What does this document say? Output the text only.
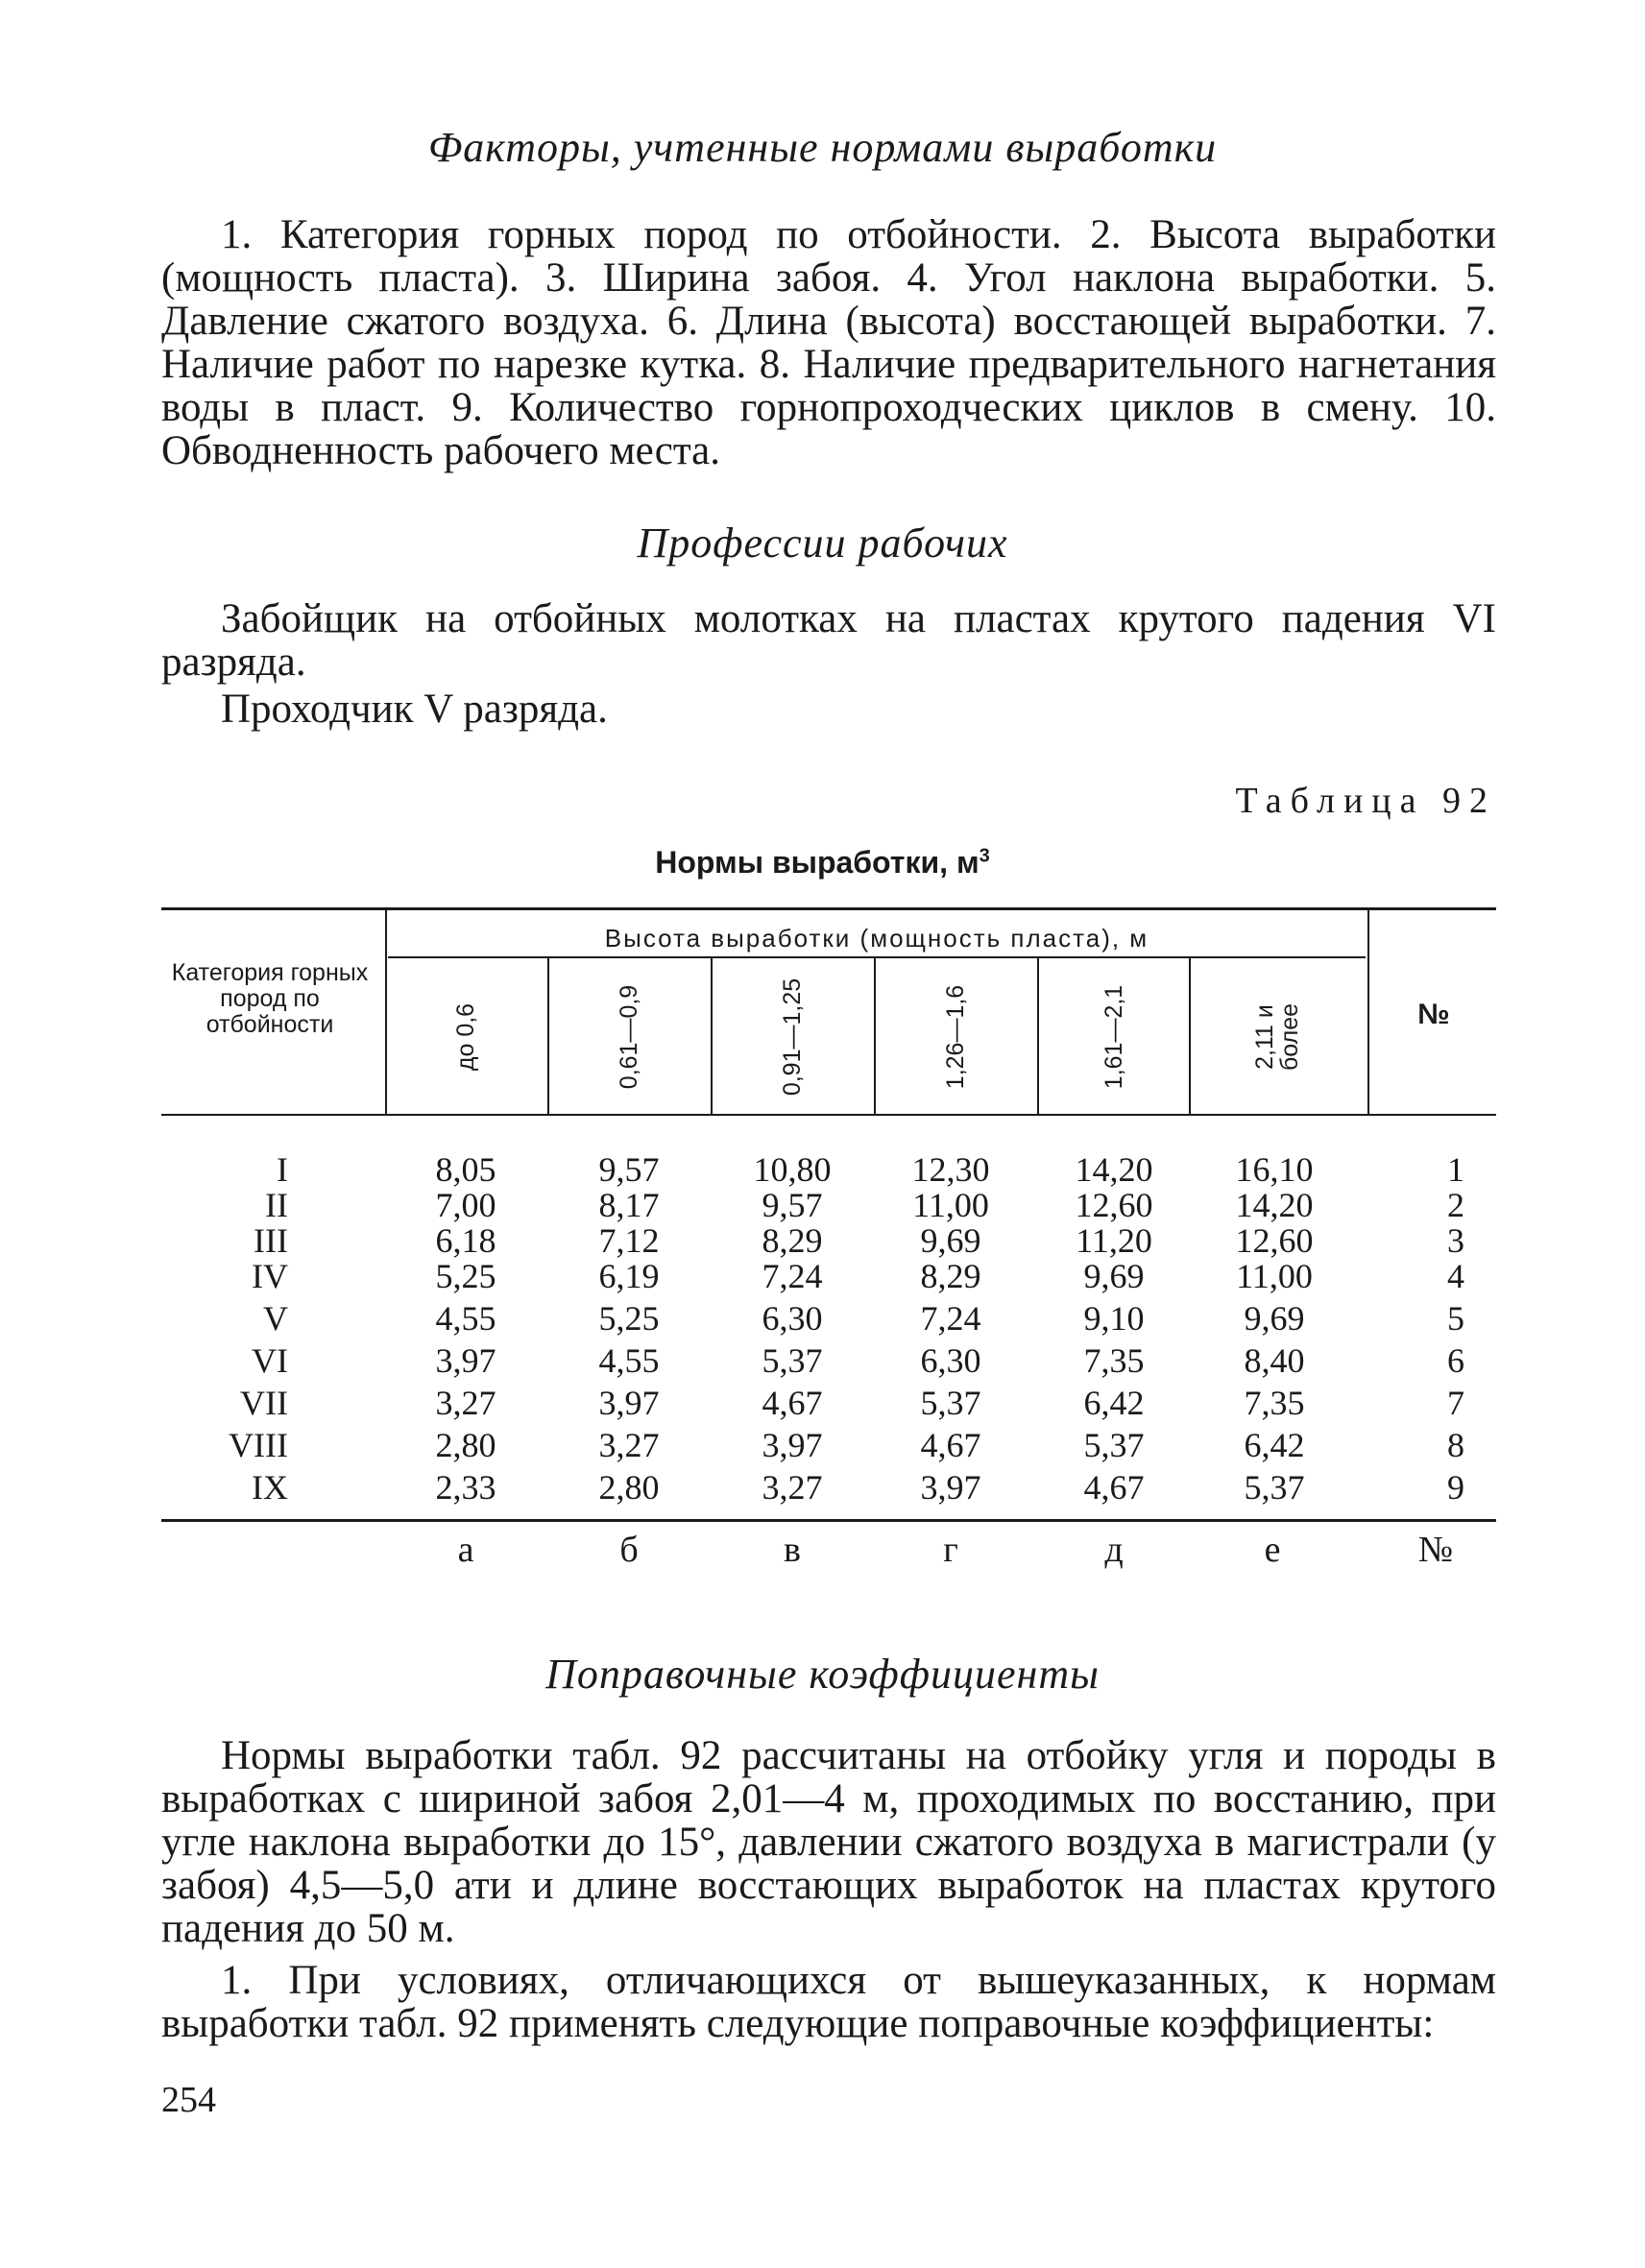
Факторы, учтенные нормами выработки
1. Категория горных пород по отбойности. 2. Высота выработки (мощность пласта). 3. Ширина забоя. 4. Угол наклона выработки. 5. Давление сжатого воздуха. 6. Длина (высота) восстающей выработки. 7. Наличие работ по нарезке кутка. 8. Наличие предварительного нагнетания воды в пласт. 9. Количество горнопроходческих циклов в смену. 10. Обводненность рабочего места.
Профессии рабочих
Забойщик на отбойных молотках на пластах крутого падения VI разряда.
Проходчик V разряда.
Таблица 92
Нормы выработки, $м^3$
Высота выработки (мощность пласта), м
Категория горных пород по отбойности	№
до 0,6	0,61—0,9	0,91—1,25	1,26—1,6	1,61—2,1	2,11 и более
I	8,05	9,57	10,80	12,30	14,20	16,10	1
II	7,00	8,17	9,57	11,00	12,60	14,20	2
III	6,18	7,12	8,29	9,69	11,20	12,60	3
IV	5,25	6,19	7,24	8,29	9,69	11,00	4
V	4,55	5,25	6,30	7,24	9,10	9,69	5
VI	3,97	4,55	5,37	6,30	7,35	8,40	6
VII	3,27	3,97	4,67	5,37	6,42	7,35	7
VIII	2,80	3,27	3,97	4,67	5,37	6,42	8
IX	2,33	2,80	3,27	3,97	4,67	5,37	9
а	б	в	г	д	е	№
Поправочные коэффициенты
Нормы выработки табл. 92 рассчитаны на отбойку угля и породы в выработках с шириной забоя 2,01—4 м, проходимых по восстанию, при угле наклона выработки до 15°, давлении сжатого воздуха в магистрали (у забоя) 4,5—5,0 ати и длине восстающих выработок на пластах крутого падения до 50 м.
1. При условиях, отличающихся от вышеуказанных, к нормам выработки табл. 92 применять следующие поправочные коэффициенты:
254
